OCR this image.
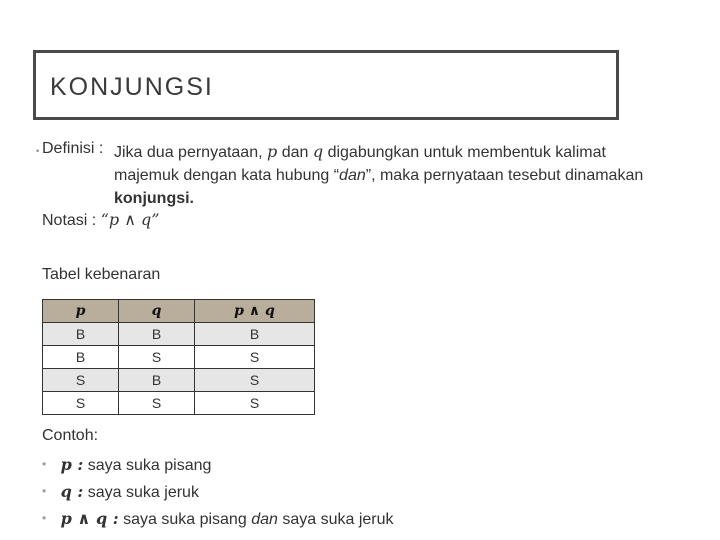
KONJUNGSI
• Definisi : Jika dua pernyataan, p dan q digabungkan untuk membentuk kalimat
majemuk dengan kata hubung “dan”, maka pernyataan tesebut dinamakan
konjungsi.
Notasi : “p ∧ q”
Tabel kebenaran
p	q	p ∧ q
B	B	B
B	S	S
S	B	S
S	S	S
Contoh:
• p : saya suka pisang
• q : saya suka jeruk
• p ∧ q : saya suka pisang dan saya suka jeruk
